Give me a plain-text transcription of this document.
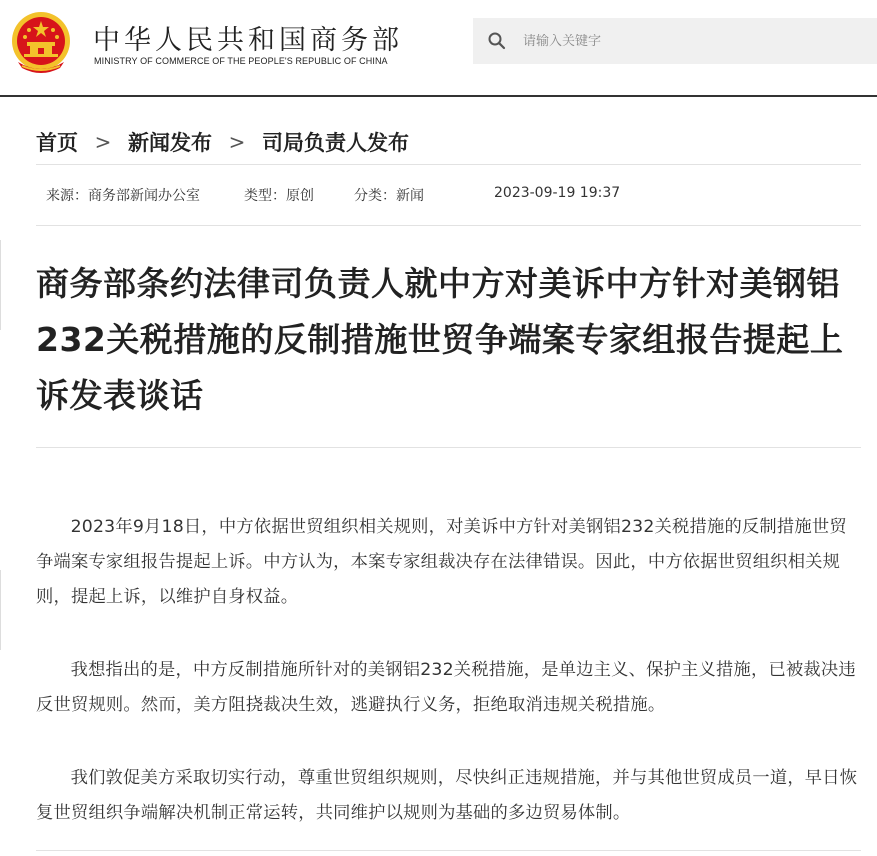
中华人民共和国商务部
MINISTRY OF COMMERCE OF THE PEOPLE'S REPUBLIC OF CHINA
请输入关键字
首页 > 新闻发布 > 司局负责人发布
来源：商务部新闻办公室	类型：原创	分类：新闻	2023-09-19 19:37
商务部条约法律司负责人就中方对美诉中方针对美钢铝232关税措施的反制措施世贸争端案专家组报告提起上诉发表谈话

2023年9月18日，中方依据世贸组织相关规则，对美诉中方针对美钢铝232关税措施的反制措施世贸争端案专家组报告提起上诉。中方认为，本案专家组裁决存在法律错误。因此，中方依据世贸组织相关规则，提起上诉，以维护自身权益。

我想指出的是，中方反制措施所针对的美钢铝232关税措施，是单边主义、保护主义措施，已被裁决违反世贸规则。然而，美方阻挠裁决生效，逃避执行义务，拒绝取消违规关税措施。

我们敦促美方采取切实行动，尊重世贸组织规则，尽快纠正违规措施，并与其他世贸成员一道，早日恢复世贸组织争端解决机制正常运转，共同维护以规则为基础的多边贸易体制。
